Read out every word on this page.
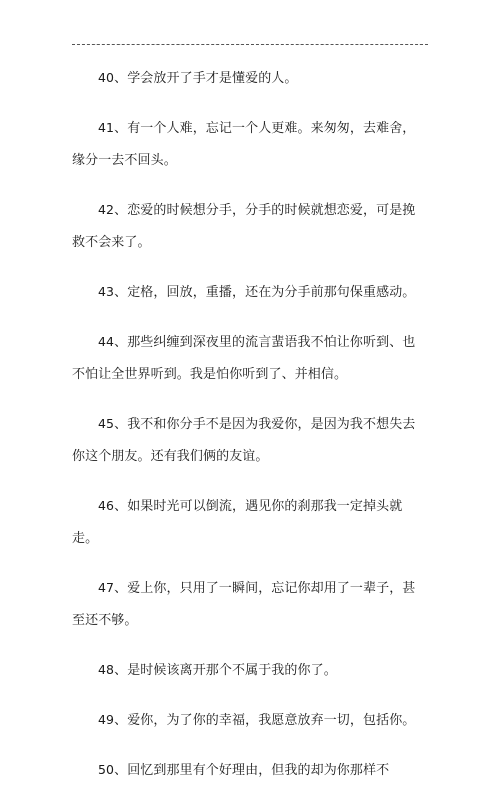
40、学会放开了手才是懂爱的人。
41、有一个人难，忘记一个人更难。来匆匆，去难舍，缘分一去不回头。
42、恋爱的时候想分手，分手的时候就想恋爱，可是挽救不会来了。
43、定格，回放，重播，还在为分手前那句保重感动。
44、那些纠缠到深夜里的流言蜚语我不怕让你听到、也不怕让全世界听到。我是怕你听到了、并相信。
45、我不和你分手不是因为我爱你，是因为我不想失去你这个朋友。还有我们俩的友谊。
46、如果时光可以倒流，遇见你的刹那我一定掉头就走。
47、爱上你，只用了一瞬间，忘记你却用了一辈子，甚至还不够。
48、是时候该离开那个不属于我的你了。
49、爱你，为了你的幸福，我愿意放弃一切，包括你。
50、回忆到那里有个好理由，但我的却为你那样不
